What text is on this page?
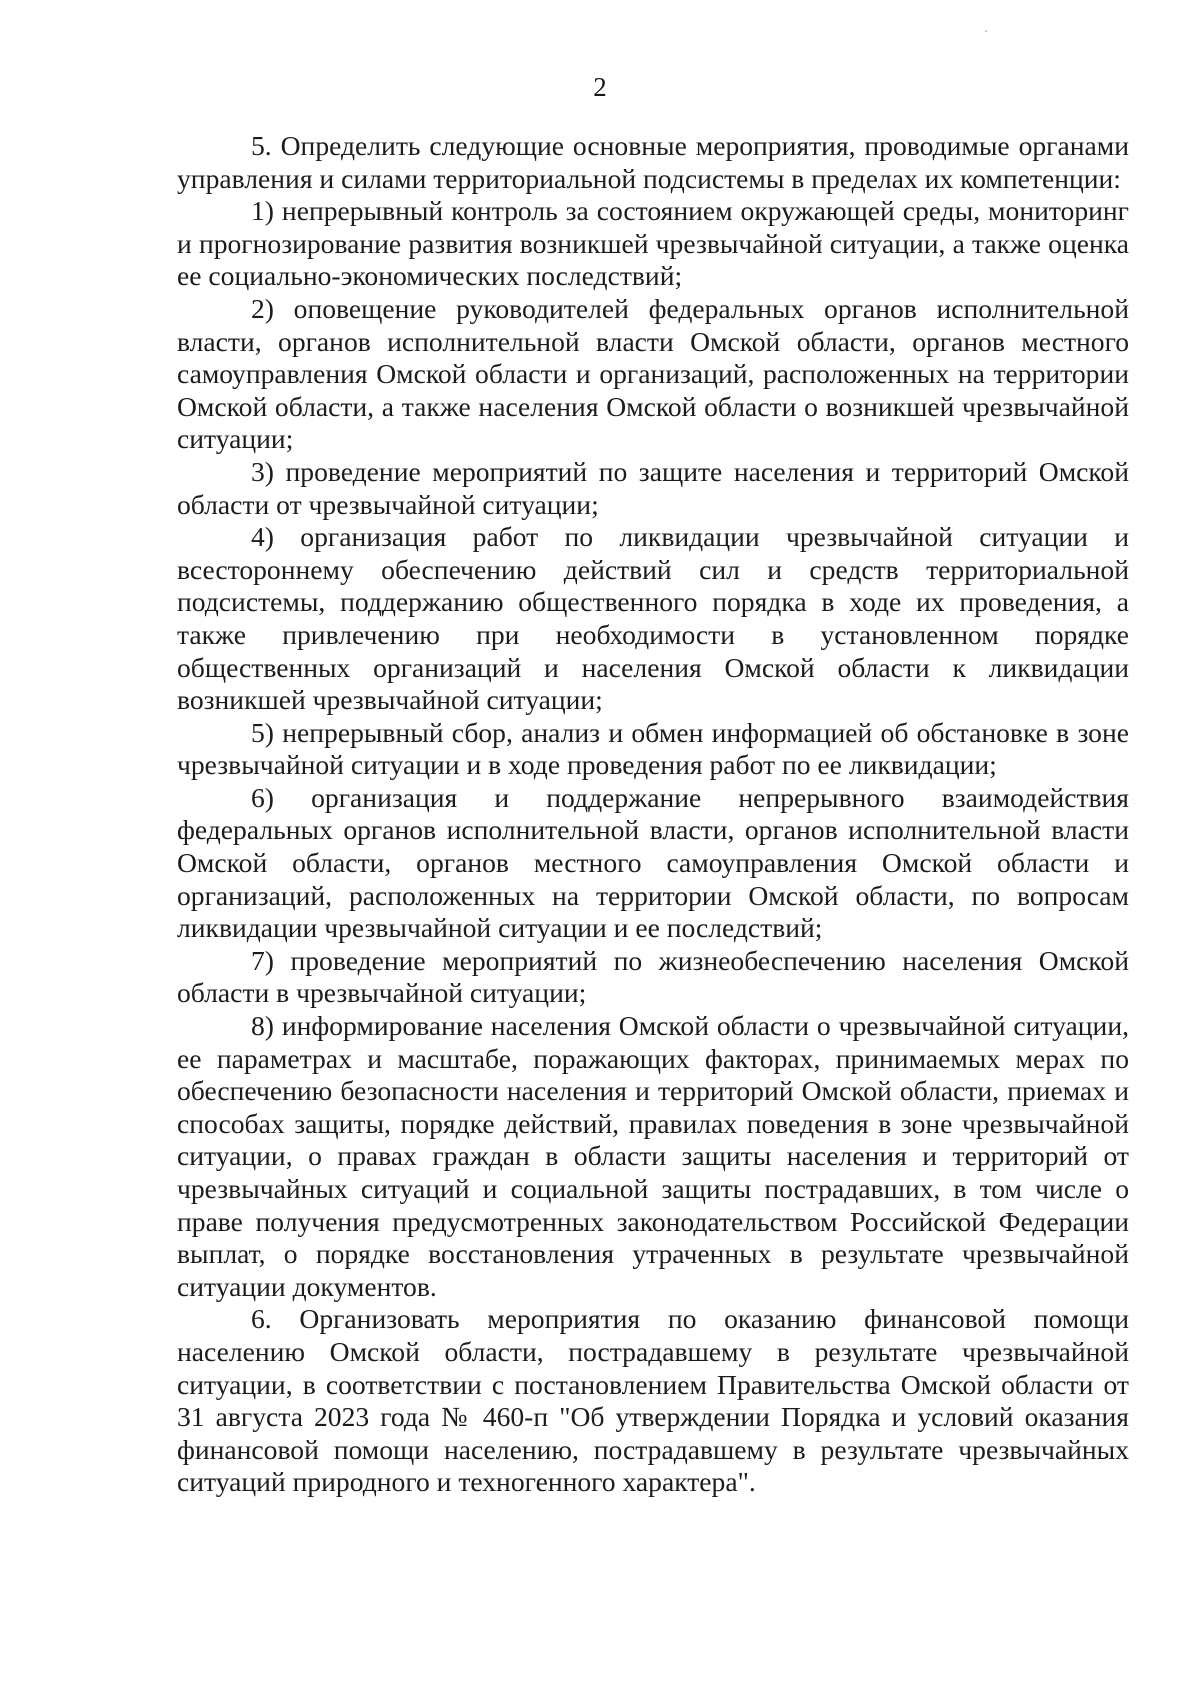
2

5. Определить следующие основные мероприятия, проводимые органами управления и силами территориальной подсистемы в пределах их компетенции:

1) непрерывный контроль за состоянием окружающей среды, мониторинг и прогнозирование развития возникшей чрезвычайной ситуации, а также оценка ее социально-экономических последствий;

2) оповещение руководителей федеральных органов исполнительной власти, органов исполнительной власти Омской области, органов местного самоуправления Омской области и организаций, расположенных на территории Омской области, а также населения Омской области о возникшей чрезвычайной ситуации;

3) проведение мероприятий по защите населения и территорий Омской области от чрезвычайной ситуации;

4) организация работ по ликвидации чрезвычайной ситуации и всестороннему обеспечению действий сил и средств территориальной подсистемы, поддержанию общественного порядка в ходе их проведения, а также привлечению при необходимости в установленном порядке общественных организаций и населения Омской области к ликвидации возникшей чрезвычайной ситуации;

5) непрерывный сбор, анализ и обмен информацией об обстановке в зоне чрезвычайной ситуации и в ходе проведения работ по ее ликвидации;

6) организация и поддержание непрерывного взаимодействия федеральных органов исполнительной власти, органов исполнительной власти Омской области, органов местного самоуправления Омской области и организаций, расположенных на территории Омской области, по вопросам ликвидации чрезвычайной ситуации и ее последствий;

7) проведение мероприятий по жизнеобеспечению населения Омской области в чрезвычайной ситуации;

8) информирование населения Омской области о чрезвычайной ситуации, ее параметрах и масштабе, поражающих факторах, принимаемых мерах по обеспечению безопасности населения и территорий Омской области, приемах и способах защиты, порядке действий, правилах поведения в зоне чрезвычайной ситуации, о правах граждан в области защиты населения и территорий от чрезвычайных ситуаций и социальной защиты пострадавших, в том числе о праве получения предусмотренных законодательством Российской Федерации выплат, о порядке восстановления утраченных в результате чрезвычайной ситуации документов.

6. Организовать мероприятия по оказанию финансовой помощи населению Омской области, пострадавшему в результате чрезвычайной ситуации, в соответствии с постановлением Правительства Омской области от 31 августа 2023 года № 460-п "Об утверждении Порядка и условий оказания финансовой помощи населению, пострадавшему в результате чрезвычайных ситуаций природного и техногенного характера".
